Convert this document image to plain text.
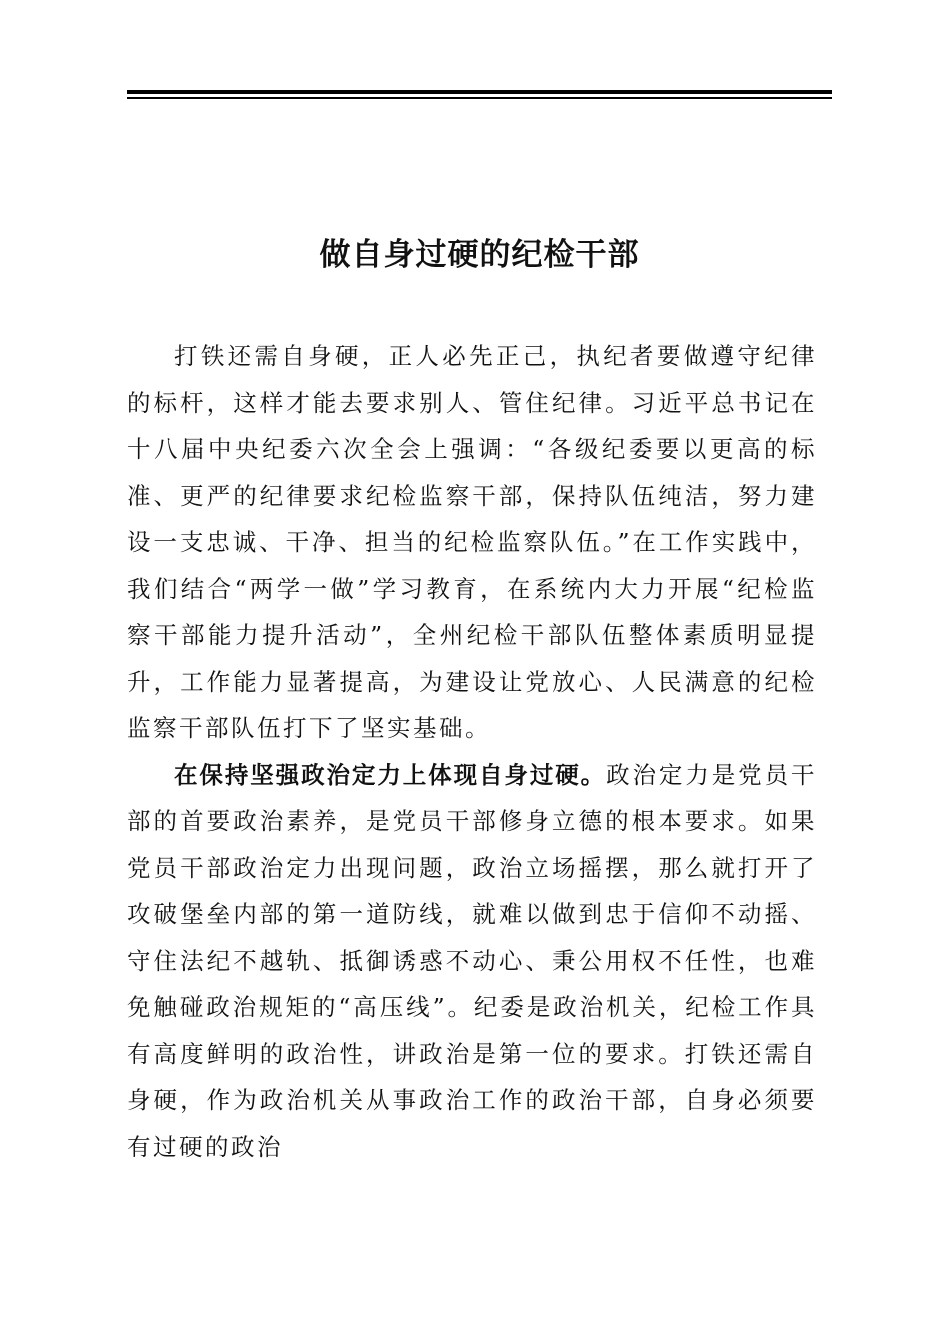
做自身过硬的纪检干部

打铁还需自身硬，正人必先正己，执纪者要做遵守纪律的标杆，这样才能去要求别人、管住纪律。习近平总书记在十八届中央纪委六次全会上强调：“各级纪委要以更高的标准、更严的纪律要求纪检监察干部，保持队伍纯洁，努力建设一支忠诚、干净、担当的纪检监察队伍。”在工作实践中，我们结合“两学一做”学习教育，在系统内大力开展“纪检监察干部能力提升活动”，全州纪检干部队伍整体素质明显提升，工作能力显著提高，为建设让党放心、人民满意的纪检监察干部队伍打下了坚实基础。

在保持坚强政治定力上体现自身过硬。政治定力是党员干部的首要政治素养，是党员干部修身立德的根本要求。如果党员干部政治定力出现问题，政治立场摇摆，那么就打开了攻破堡垒内部的第一道防线，就难以做到忠于信仰不动摇、守住法纪不越轨、抵御诱惑不动心、秉公用权不任性，也难免触碰政治规矩的“高压线”。纪委是政治机关，纪检工作具有高度鲜明的政治性，讲政治是第一位的要求。打铁还需自身硬，作为政治机关从事政治工作的政治干部，自身必须要有过硬的政治
